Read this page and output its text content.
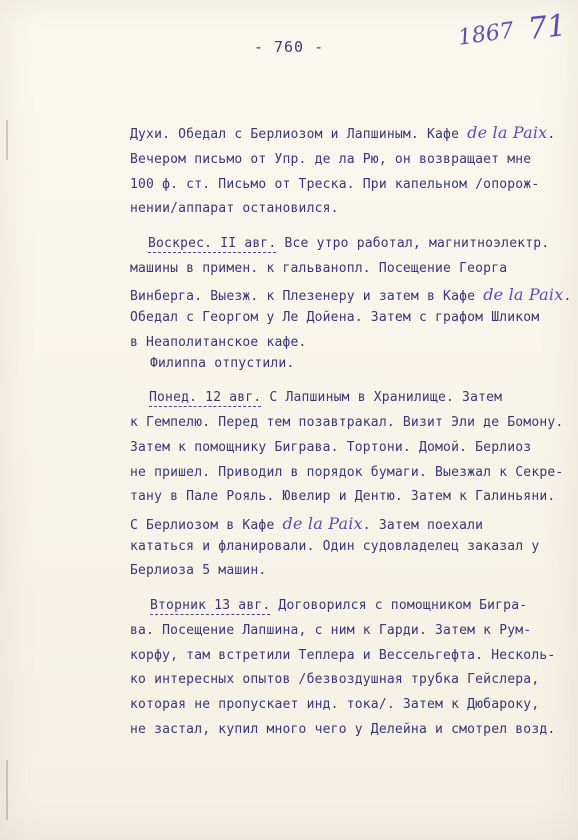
- 760 -	1867 71
Духи. Обедал с Берлиозом и Лапшиным. Кафе de la Paix.
Вечером письмо от Упр. де ла Рю, он возвращает мне
100 ф. ст. Письмо от Треска. При капельном /опорож-
нении/аппарат остановился.
Воскрес. II авг. Все утро работал, магнитноэлектр.
машины в примен. к гальванопл. Посещение Георга
Винберга. Выезж. к Плезенеру и затем в Кафе de la Paix.
Обедал с Георгом у Ле Дойена. Затем с графом Шликом
в Неаполитанское кафе.
Филиппа отпустили.
Понед. 12 авг. С Лапшиным в Хранилище. Затем
к Гемпелю. Перед тем позавтракал. Визит Эли де Бомону.
Затем к помощнику Биграва. Тортони. Домой. Берлиоз
не пришел. Приводил в порядок бумаги. Выезжал к Секре-
тану в Пале Рояль. Ювелир и Дентю. Затем к Галиньяни.
С Берлиозом в Кафе de la Paix. Затем поехали
кататься и фланировали. Один судовладелец заказал у
Берлиоза 5 машин.
Вторник 13 авг. Договорился с помощником Бигра-
ва. Посещение Лапшина, с ним к Гарди. Затем к Рум-
корфу, там встретили Теплера и Вессельгефта. Несколь-
ко интересных опытов /безвоздушная трубка Гейслера,
которая не пропускает инд. тока/. Затем к Дюбароку,
не застал, купил много чего у Делейна и смотрел возд.
